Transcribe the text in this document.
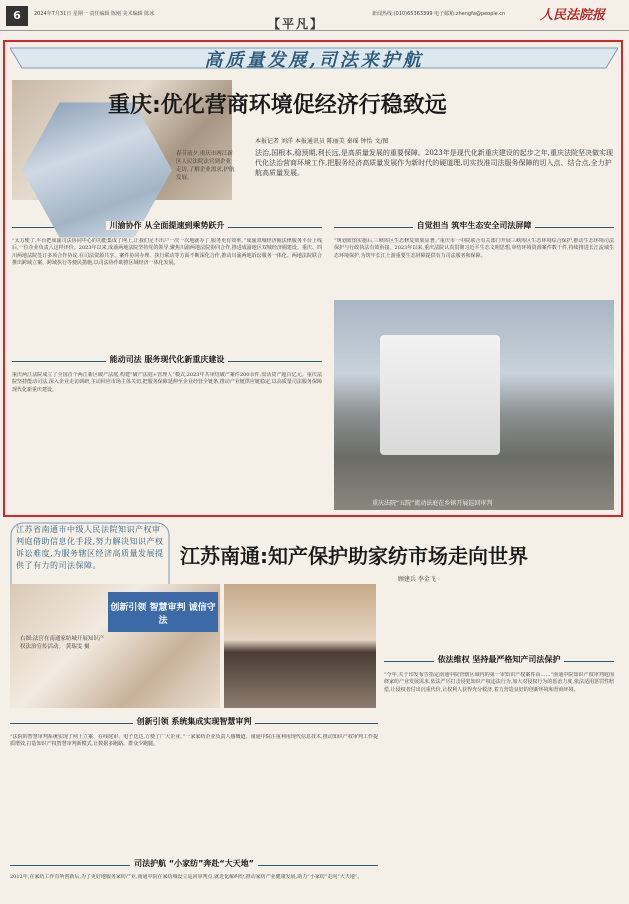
6	2024年7月31日 星期一 责任编辑 陈刚 美术编辑 陈冰
【平凡】
新闻热线:(010)65363399 电子邮箱:zhengfa@people.cn	人民法院报
高质量发展,司法来护航
重庆:优化营商环境促经济行稳致远
春节前夕,重庆市两江新区人民法院法官到企业走访,了解企业需求,护航发展。
本报记者 刘洋 本报通讯员 陈丽美 秦瑶 钟怡 文/图
法治,国根本,稳预期,利长远,是高质量发展的重要保障。2023年是现代化新重庆建设的起步之年,重庆法院坚决做实现代化法治营商环境工作,把服务经济高质量发展作为新时代的硬道理,切实找准司法服务保障的切入点、结合点,全力护航高质量发展。
川渝协作 从全面提速到乘势跃升
“太方便了,平台把成渝司法协同中心的功能集成了网上,让我们足不出户一次一次地就办了,服务更有效率。”成渝双城经济圈法律服务平台上线后,一位企业负责人这样评价。2023年以来,成渝两地法院坚持党的领导,聚焦川渝两地法院协同合作,推进成渝地区双城经济圈建设。重庆、四川两地法院签订多项合作协议,在司法资源共享、案件协同办理、执行联动等方面不断深化合作,推动川渝两地诉讼服务一体化。两地法院联合推出跨域立案、跨域执行等便民措施,以司法协作助推区域经济一体化发展。
能动司法 服务现代化新重庆建设
重庆两江法院成立了全国首个两江新区破产法庭,构建“破产法庭+管理人”模式,2023年共审结破产案件200余件,盘活资产超百亿元。重庆法院坚持能动司法,深入企业走访调研,主动回应市场主体关切,把服务保障延伸至企业经营全链条,推动产业链供应链稳定,以高质量司法服务保障现代化新重庆建设。
自觉担当 筑牢生态安全司法屏障
“规划蓝图实施后,三峡库区生态修复效果显著。”重庆市一中院联合有关部门开展三峡库区生态环境综合保护,推动生态环境司法保护与行政执法有效衔接。2023年以来,重庆法院认真贯彻习近平生态文明思想,审结环境资源案件数千件,持续推进长江流域生态环境保护,为筑牢长江上游重要生态屏障提供有力司法服务和保障。
重庆法院“五院”流动法庭在乡镇开展巡回审判
江苏省南通市中级人民法院知识产权审判庭借助信息化手段,努力解决知识产权诉讼难度,为服务辖区经济高质量发展提供了有力的司法保障。	江苏南通:知产保护助家纺市场走向世界
顾建兵 李金飞
创新引领 智慧审判 诚信守法
右图:法官在南通家纺城开展知识产权法治宣传活动。 黄瑞雯 摄
依法维权 坚持最严格知产司法保护
“今年,关于印发布告指定南通中院管辖区域内的第一审知识产权案件由……”南通中院知识产权审判庭围绕家纺产业发展需求,依法严厉打击侵犯知识产权违法行为,加大对侵权行为的惩治力度,依法适用惩罚性赔偿,让侵权者付出沉重代价,让权利人获得充分救济,着力营造良好的创新环境和营商环境。
创新引领 系统集成实现智慧审判
“法院的智慧审判系统实现了网上立案、在线庭审、电子送达,方便了广大企业。”一家家纺企业负责人感慨道。南通中院注重利用现代信息技术,推动知识产权审判工作提质增效,打造知识产权智慧审判新模式,让数据多跑路、群众少跑腿。
司法护航 “小家纺”奔赴“大天地”
2012年,在家纺工作有所创新后,为了更好地服务家纺产业,南通中院在家纺城设立巡回审判点,就近化解纠纷,推动家纺产业健康发展,助力“小家纺”走向“大天地”。
